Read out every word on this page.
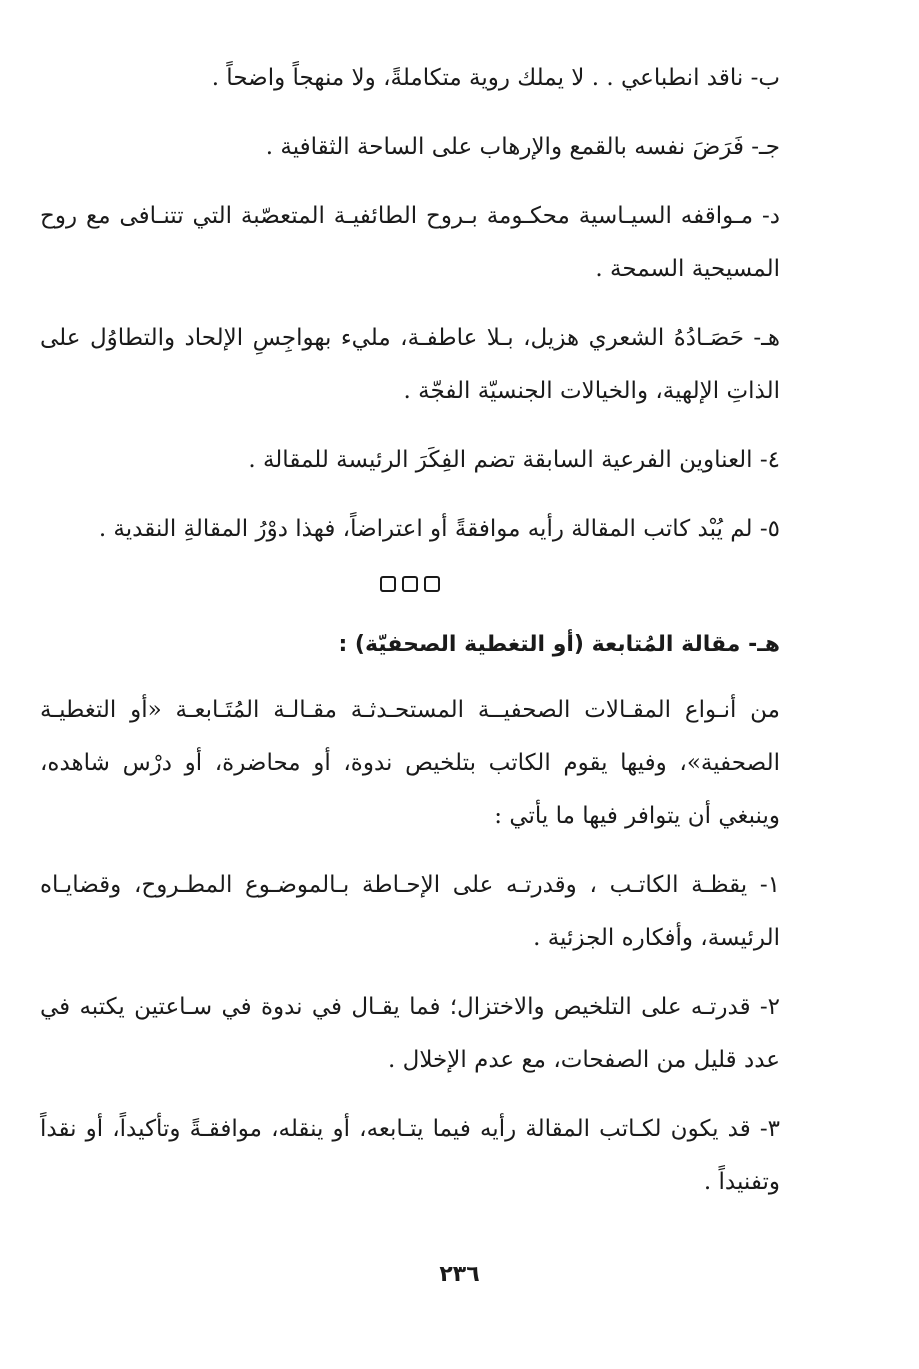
ب- ناقد انطباعي . . لا يملك روية متكاملةً، ولا منهجاً واضحاً .

جـ- فَرَضَ نفسه بالقمع والإرهاب على الساحة الثقافية .

د- مـواقفه السيـاسية محكـومة بـروح الطائفيـة المتعصّبة التي تتنـافى مع روح المسيحية السمحة .

هـ- حَصَـادُهُ الشعري هزيل، بـلا عاطفـة، مليء بهواجِسِ الإلحاد والتطاوُل على الذاتِ الإلهية، والخيالات الجنسيّة الفجّة .

٤- العناوين الفرعية السابقة تضم الفِكَرَ الرئيسة للمقالة .

٥- لم يُبْد كاتب المقالة رأيه موافقةً أو اعتراضاً، فهذا دوْرُ المقالةِ النقدية .

هـ- مقالة المُتابعة (أو التغطية الصحفيّة) :

من أنـواع المقـالات الصحفيــة المستحـدثـة مقـالـة المُتَـابعـة «أو التغطيـة الصحفية»، وفيها يقوم الكاتب بتلخيص ندوة، أو محاضرة، أو درْس شاهده، وينبغي أن يتوافر فيها ما يأتي :

١- يقظـة الكاتـب ، وقدرتـه على الإحـاطة بـالموضـوع المطـروح، وقضايـاه الرئيسة، وأفكاره الجزئية .

٢- قدرتـه على التلخيص والاختزال؛ فما يقـال في ندوة في سـاعتين يكتبه في عدد قليل من الصفحات، مع عدم الإخلال .

٣- قد يكون لكـاتب المقالة رأيه فيما يتـابعه، أو ينقله، موافقـةً وتأكيداً، أو نقداً وتفنيداً .

٢٣٦
